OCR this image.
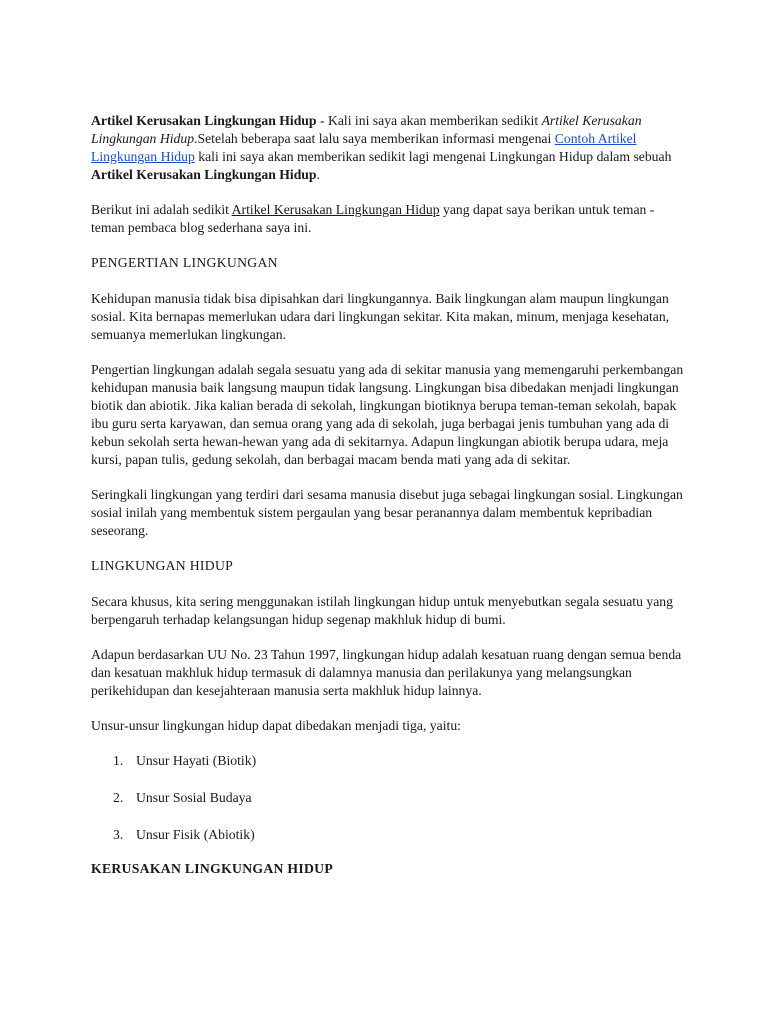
Artikel Kerusakan Lingkungan Hidup - Kali ini saya akan memberikan sedikit Artikel Kerusakan Lingkungan Hidup.Setelah beberapa saat lalu saya memberikan informasi mengenai Contoh Artikel Lingkungan Hidup kali ini saya akan memberikan sedikit lagi mengenai Lingkungan Hidup dalam sebuah Artikel Kerusakan Lingkungan Hidup.

Berikut ini adalah sedikit Artikel Kerusakan Lingkungan Hidup yang dapat saya berikan untuk teman - teman pembaca blog sederhana saya ini.

PENGERTIAN LINGKUNGAN

Kehidupan manusia tidak bisa dipisahkan dari lingkungannya. Baik lingkungan alam maupun lingkungan sosial. Kita bernapas memerlukan udara dari lingkungan sekitar. Kita makan, minum, menjaga kesehatan, semuanya memerlukan lingkungan.

Pengertian lingkungan adalah segala sesuatu yang ada di sekitar manusia yang memengaruhi perkembangan kehidupan manusia baik langsung maupun tidak langsung. Lingkungan bisa dibedakan menjadi lingkungan biotik dan abiotik. Jika kalian berada di sekolah, lingkungan biotiknya berupa teman-teman sekolah, bapak ibu guru serta karyawan, dan semua orang yang ada di sekolah, juga berbagai jenis tumbuhan yang ada di kebun sekolah serta hewan-hewan yang ada di sekitarnya. Adapun lingkungan abiotik berupa udara, meja kursi, papan tulis, gedung sekolah, dan berbagai macam benda mati yang ada di sekitar.

Seringkali lingkungan yang terdiri dari sesama manusia disebut juga sebagai lingkungan sosial. Lingkungan sosial inilah yang membentuk sistem pergaulan yang besar peranannya dalam membentuk kepribadian seseorang.

LINGKUNGAN HIDUP

Secara khusus, kita sering menggunakan istilah lingkungan hidup untuk menyebutkan segala sesuatu yang berpengaruh terhadap kelangsungan hidup segenap makhluk hidup di bumi.

Adapun berdasarkan UU No. 23 Tahun 1997, lingkungan hidup adalah kesatuan ruang dengan semua benda dan kesatuan makhluk hidup termasuk di dalamnya manusia dan perilakunya yang melangsungkan perikehidupan dan kesejahteraan manusia serta makhluk hidup lainnya.

Unsur-unsur lingkungan hidup dapat dibedakan menjadi tiga, yaitu:

1. Unsur Hayati (Biotik)
2. Unsur Sosial Budaya
3. Unsur Fisik (Abiotik)
KERUSAKAN LINGKUNGAN HIDUP
